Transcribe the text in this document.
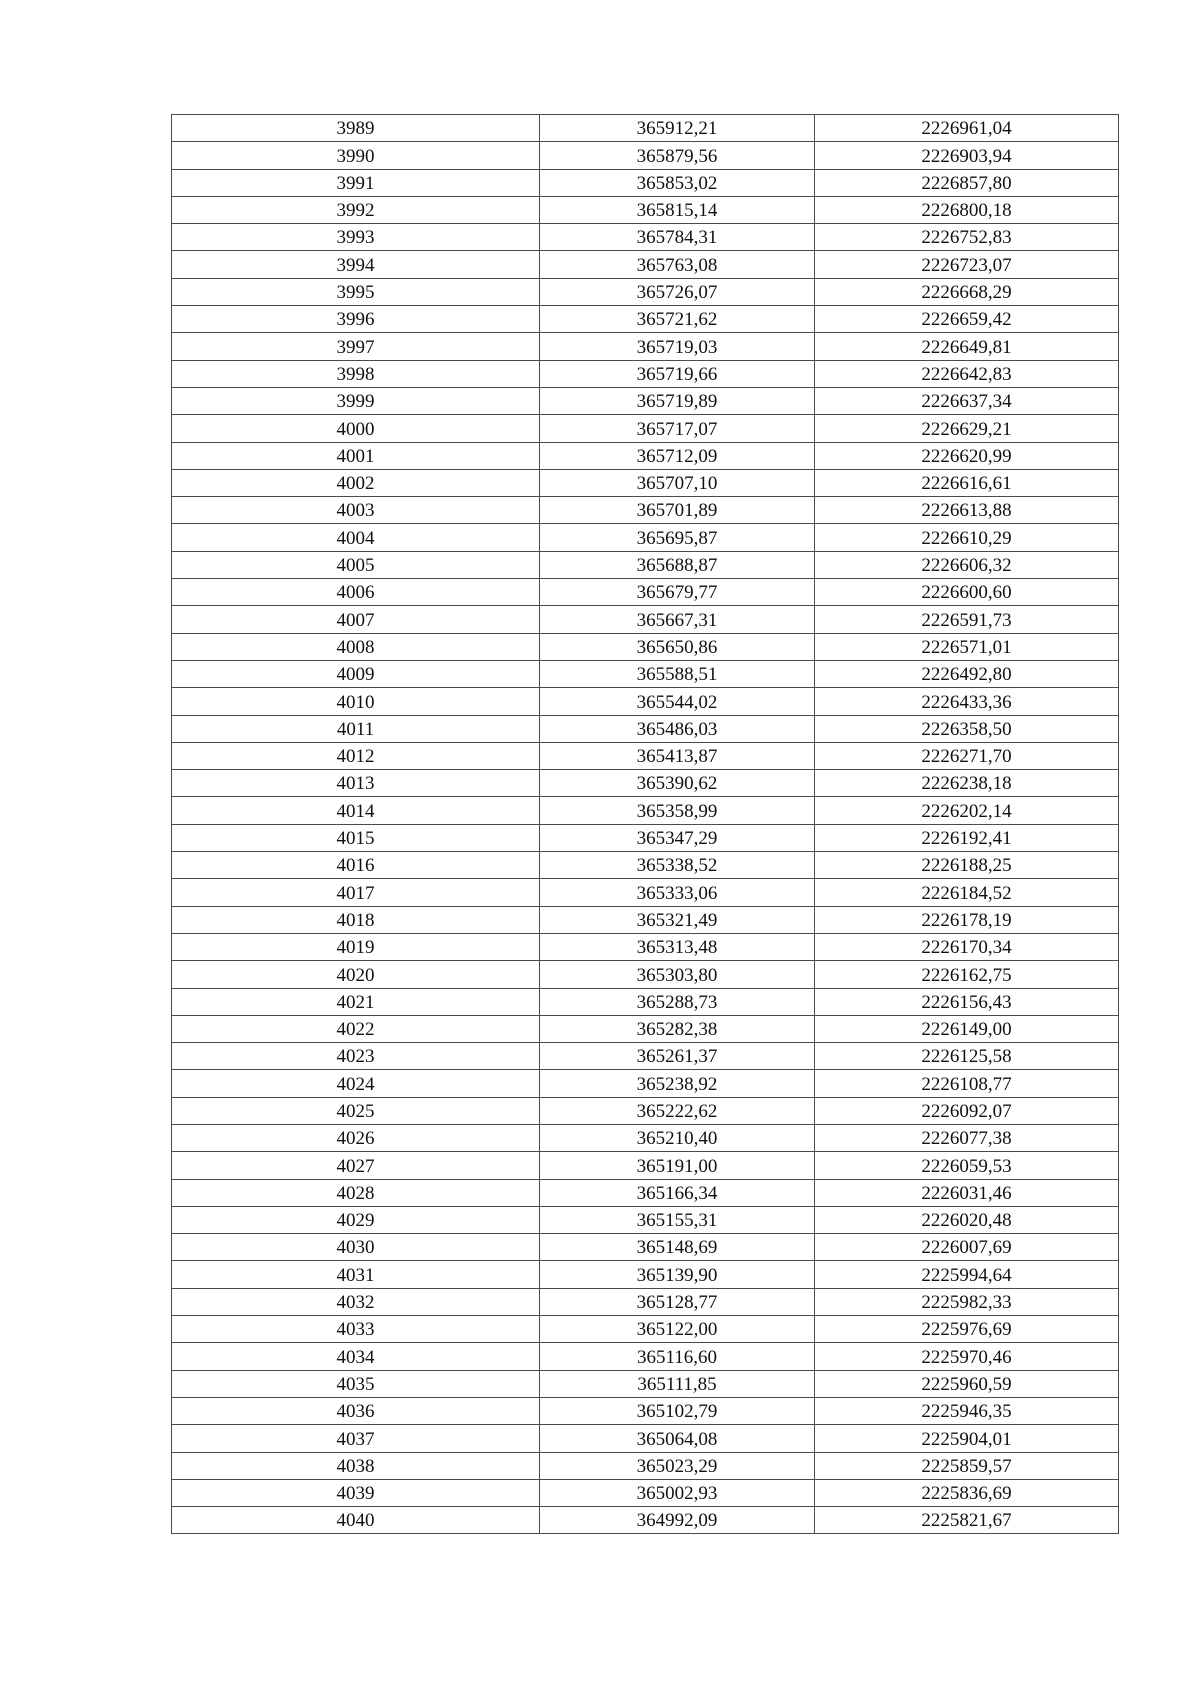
3989	365912,21	2226961,04
3990	365879,56	2226903,94
3991	365853,02	2226857,80
3992	365815,14	2226800,18
3993	365784,31	2226752,83
3994	365763,08	2226723,07
3995	365726,07	2226668,29
3996	365721,62	2226659,42
3997	365719,03	2226649,81
3998	365719,66	2226642,83
3999	365719,89	2226637,34
4000	365717,07	2226629,21
4001	365712,09	2226620,99
4002	365707,10	2226616,61
4003	365701,89	2226613,88
4004	365695,87	2226610,29
4005	365688,87	2226606,32
4006	365679,77	2226600,60
4007	365667,31	2226591,73
4008	365650,86	2226571,01
4009	365588,51	2226492,80
4010	365544,02	2226433,36
4011	365486,03	2226358,50
4012	365413,87	2226271,70
4013	365390,62	2226238,18
4014	365358,99	2226202,14
4015	365347,29	2226192,41
4016	365338,52	2226188,25
4017	365333,06	2226184,52
4018	365321,49	2226178,19
4019	365313,48	2226170,34
4020	365303,80	2226162,75
4021	365288,73	2226156,43
4022	365282,38	2226149,00
4023	365261,37	2226125,58
4024	365238,92	2226108,77
4025	365222,62	2226092,07
4026	365210,40	2226077,38
4027	365191,00	2226059,53
4028	365166,34	2226031,46
4029	365155,31	2226020,48
4030	365148,69	2226007,69
4031	365139,90	2225994,64
4032	365128,77	2225982,33
4033	365122,00	2225976,69
4034	365116,60	2225970,46
4035	365111,85	2225960,59
4036	365102,79	2225946,35
4037	365064,08	2225904,01
4038	365023,29	2225859,57
4039	365002,93	2225836,69
4040	364992,09	2225821,67
